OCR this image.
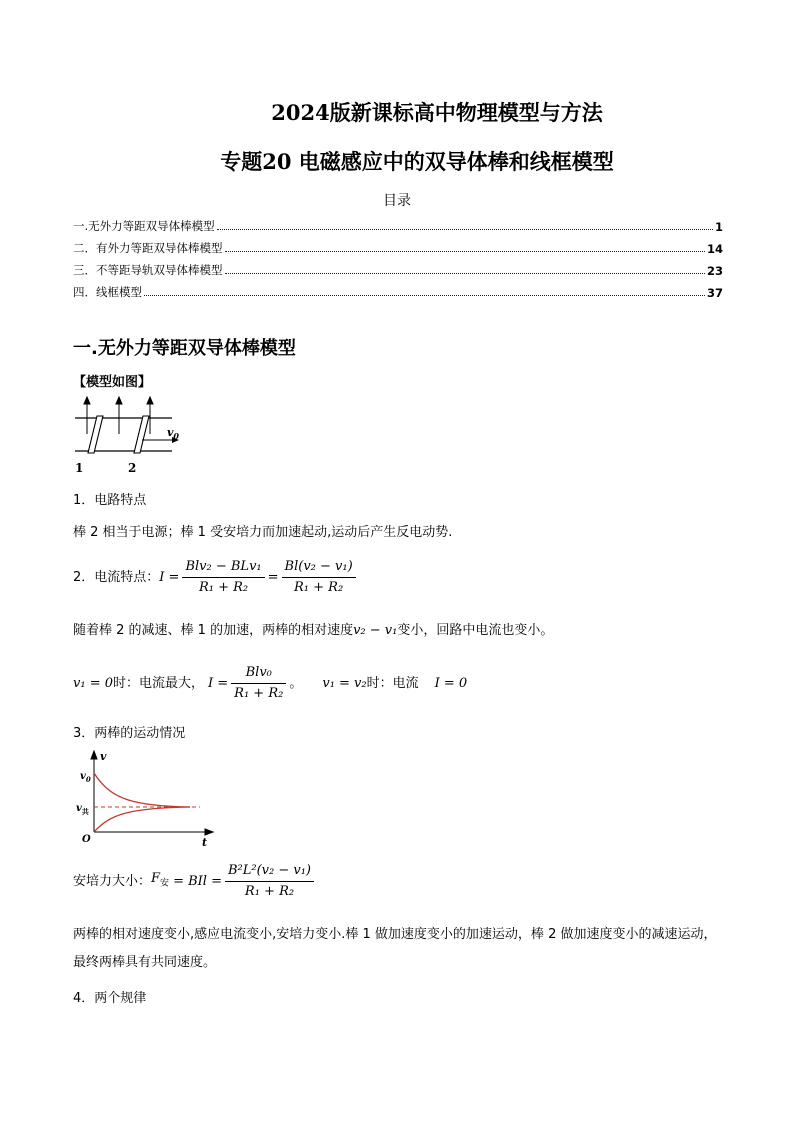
2024版新课标高中物理模型与方法
专题20 电磁感应中的双导体棒和线框模型
目录
一.无外力等距双导体棒模型	1
二．有外力等距双导体棒模型	14
三．不等距导轨双导体棒模型	23
四．线框模型	37
一.无外力等距双导体棒模型
【模型如图】
$v_0$
1	2
1．电路特点
棒 2 相当于电源；棒 1 受安培力而加速起动,运动后产生反电动势.
2．电流特点： $I = \frac{\text{Blv₂ − BLv₁}}{\text{R₁ + R₂}} = \frac{\text{Bl(v₂ − v₁)}}{\text{R₁ + R₂}}$
随着棒 2 的减速、棒 1 的加速，两棒的相对速度v₂ − v₁变小，回路中电流也变小。
v₁ = 0 时：电流最大， $I = \frac{\text{Blv₀}}{\text{R₁ + R₂}}$ 。 v₁ = v₂ 时：电流 I = 0
3．两棒的运动情况
v
t
$v_0$
$v_共$
O
安培力大小： $F_安$ = BIl = $\frac{\text{B²L²(v₂ − v₁)}}{\text{R₁ + R₂}}$
两棒的相对速度变小,感应电流变小,安培力变小.棒 1 做加速度变小的加速运动，棒 2 做加速度变小的减速运动，最终两棒具有共同速度。
4．两个规律
